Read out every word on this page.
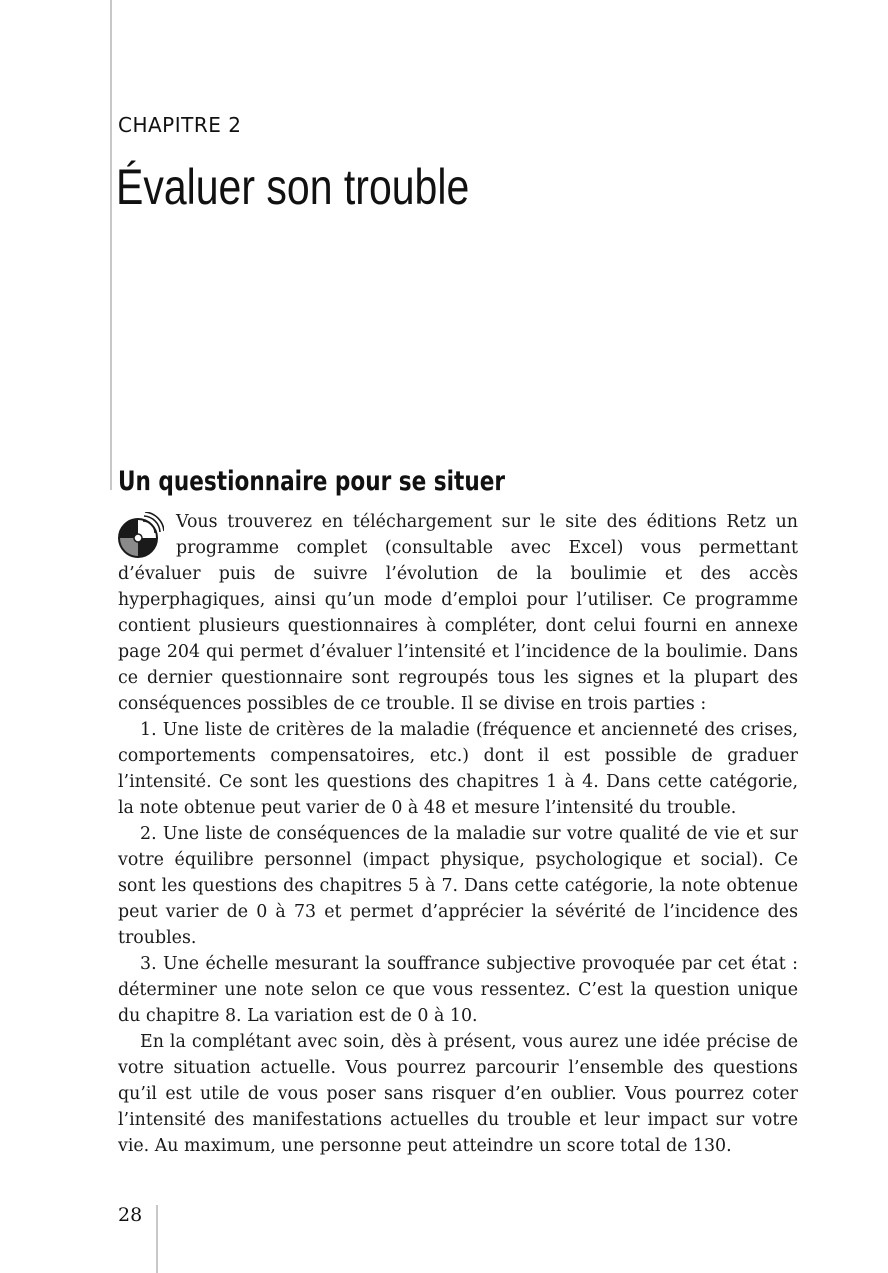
CHAPITRE 2
Évaluer son trouble
Un questionnaire pour se situer

Vous trouverez en téléchargement sur le site des éditions Retz un programme complet (consultable avec Excel) vous permettant d’évaluer puis de suivre l’évolution de la boulimie et des accès hyperphagiques, ainsi qu’un mode d’emploi pour l’utiliser. Ce programme contient plusieurs questionnaires à compléter, dont celui fourni en annexe page 204 qui permet d’évaluer l’intensité et l’incidence de la boulimie. Dans ce dernier questionnaire sont regroupés tous les signes et la plupart des conséquences possibles de ce trouble. Il se divise en trois parties :

1. Une liste de critères de la maladie (fréquence et ancienneté des crises, comportements compensatoires, etc.) dont il est possible de graduer l’intensité. Ce sont les questions des chapitres 1 à 4. Dans cette catégorie, la note obtenue peut varier de 0 à 48 et mesure l’intensité du trouble.

2. Une liste de conséquences de la maladie sur votre qualité de vie et sur votre équilibre personnel (impact physique, psychologique et social). Ce sont les questions des chapitres 5 à 7. Dans cette catégorie, la note obtenue peut varier de 0 à 73 et permet d’apprécier la sévérité de l’incidence des troubles.

3. Une échelle mesurant la souffrance subjective provoquée par cet état : déterminer une note selon ce que vous ressentez. C’est la question unique du chapitre 8. La variation est de 0 à 10.

En la complétant avec soin, dès à présent, vous aurez une idée précise de votre situation actuelle. Vous pourrez parcourir l’ensemble des questions qu’il est utile de vous poser sans risquer d’en oublier. Vous pourrez coter l’intensité des manifestations actuelles du trouble et leur impact sur votre vie. Au maximum, une personne peut atteindre un score total de 130.

28
